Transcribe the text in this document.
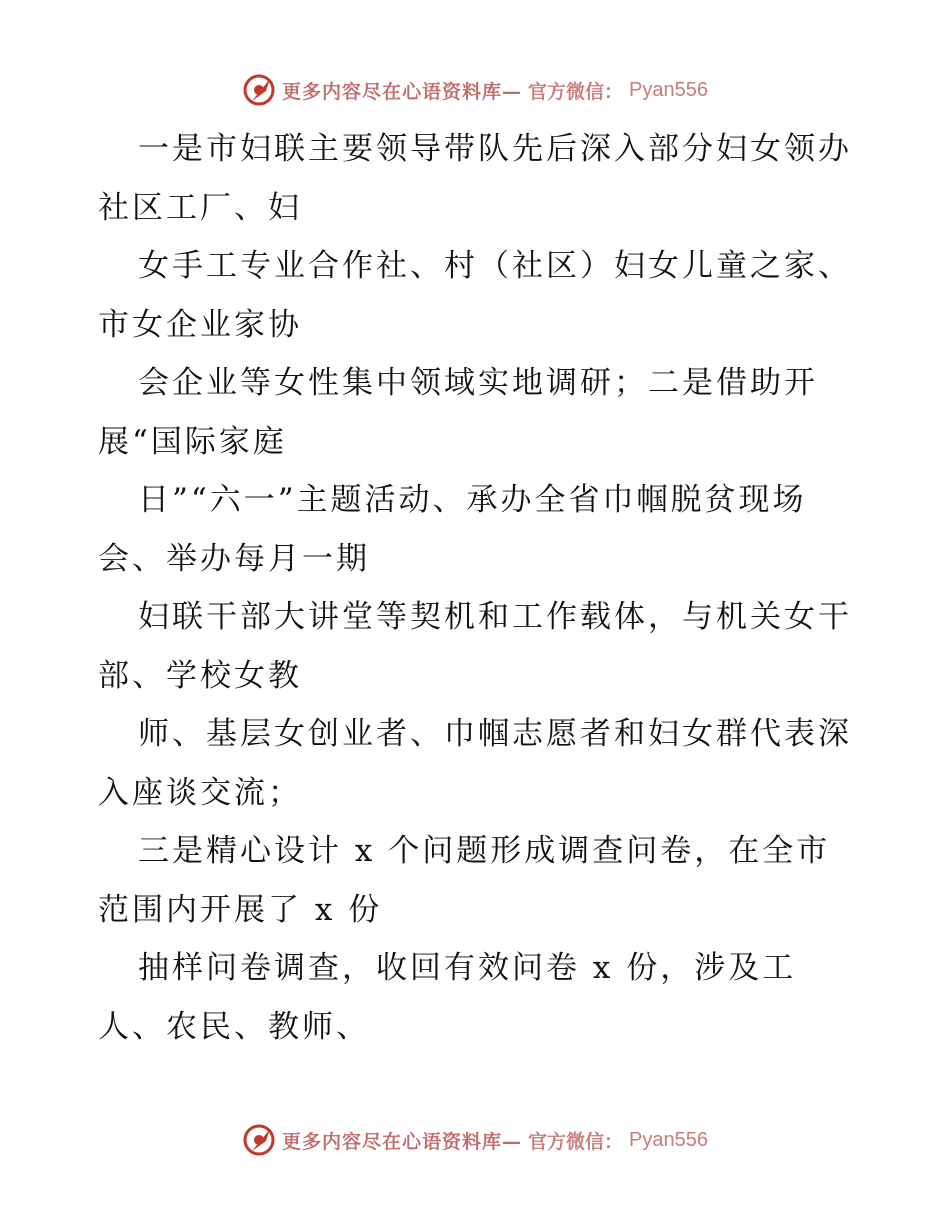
更多内容尽在心语资料库— 官方微信： Pyan556
一是市妇联主要领导带队先后深入部分妇女领办
社区工厂、妇
女手工专业合作社、村（社区）妇女儿童之家、
市女企业家协
会企业等女性集中领域实地调研；二是借助开
展“国际家庭
日”“六一”主题活动、承办全省巾帼脱贫现场
会、举办每月一期
妇联干部大讲堂等契机和工作载体，与机关女干
部、学校女教
师、基层女创业者、巾帼志愿者和妇女群代表深
入座谈交流；
三是精心设计 x 个问题形成调查问卷，在全市
范围内开展了 x 份
抽样问卷调查，收回有效问卷 x 份，涉及工
人、农民、教师、
更多内容尽在心语资料库— 官方微信： Pyan556
